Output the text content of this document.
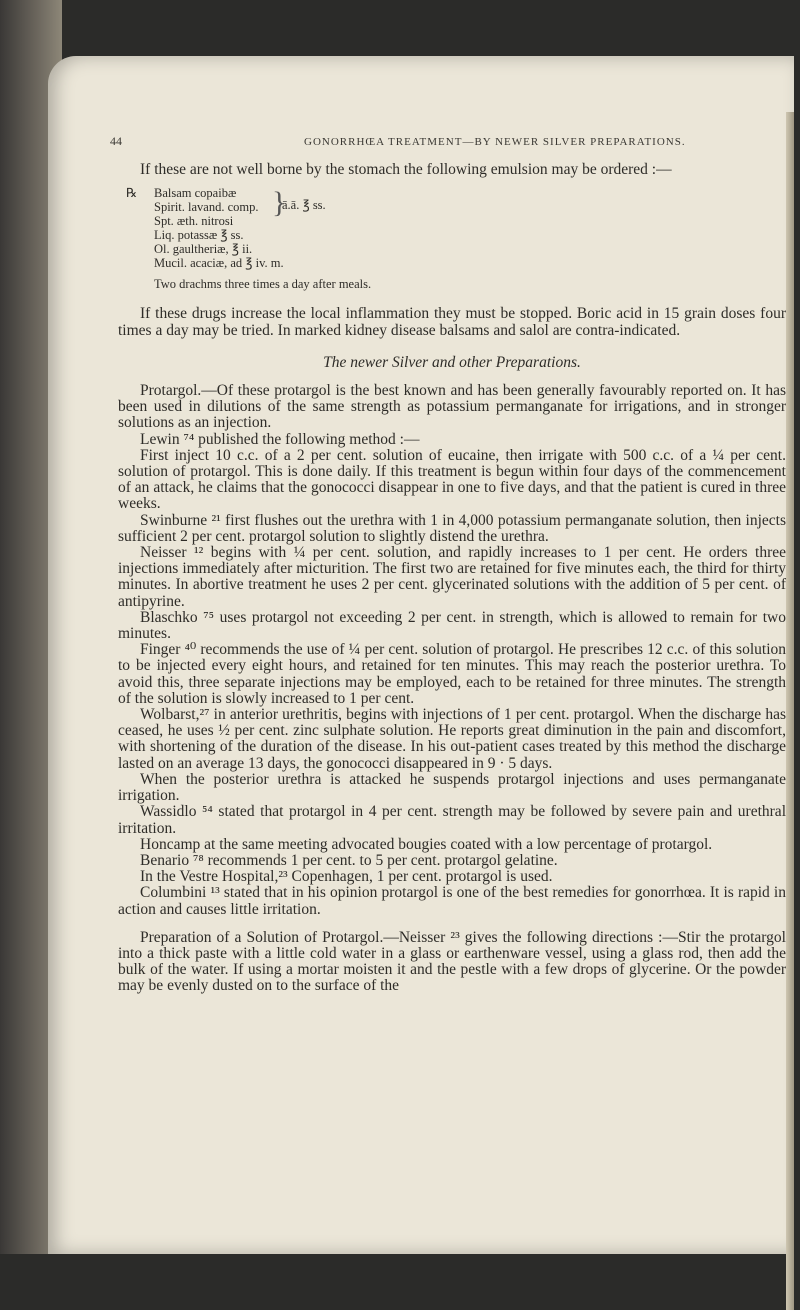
44	GONORRHŒA TREATMENT—BY NEWER SILVER PREPARATIONS.

If these are not well borne by the stomach the following emulsion may be ordered :—

℞ Balsam copaibæ
Spirit. lavand. comp.
Spt. æth. nitrosi
Liq. potassæ ℥ ss.
Ol. gaultheriæ, ℥ ii.
Mucil. acaciæ, ad ℥ iv. m.
}
ā.ā. ℥ ss.
Two drachms three times a day after meals.

If these drugs increase the local inflammation they must be stopped. Boric acid in 15 grain doses four times a day may be tried. In marked kidney disease balsams and salol are contra-indicated.

The newer Silver and other Preparations.

Protargol.—Of these protargol is the best known and has been generally favourably reported on. It has been used in dilutions of the same strength as potassium permanganate for irrigations, and in stronger solutions as an injection.

Lewin ⁷⁴ published the following method :—

First inject 10 c.c. of a 2 per cent. solution of eucaine, then irrigate with 500 c.c. of a ¼ per cent. solution of protargol. This is done daily. If this treatment is begun within four days of the commencement of an attack, he claims that the gonococci disappear in one to five days, and that the patient is cured in three weeks.

Swinburne ²¹ first flushes out the urethra with 1 in 4,000 potassium permanganate solution, then injects sufficient 2 per cent. protargol solution to slightly distend the urethra.

Neisser ¹² begins with ¼ per cent. solution, and rapidly increases to 1 per cent. He orders three injections immediately after micturition. The first two are retained for five minutes each, the third for thirty minutes. In abortive treatment he uses 2 per cent. glycerinated solutions with the addition of 5 per cent. of antipyrine.

Blaschko ⁷⁵ uses protargol not exceeding 2 per cent. in strength, which is allowed to remain for two minutes.

Finger ⁴⁰ recommends the use of ¼ per cent. solution of protargol. He prescribes 12 c.c. of this solution to be injected every eight hours, and retained for ten minutes. This may reach the posterior urethra. To avoid this, three separate injections may be employed, each to be retained for three minutes. The strength of the solution is slowly increased to 1 per cent.

Wolbarst,²⁷ in anterior urethritis, begins with injections of 1 per cent. protargol. When the discharge has ceased, he uses ½ per cent. zinc sulphate solution. He reports great diminution in the pain and discomfort, with shortening of the duration of the disease. In his out-patient cases treated by this method the discharge lasted on an average 13 days, the gonococci disappeared in 9 · 5 days.

When the posterior urethra is attacked he suspends protargol injections and uses permanganate irrigation.

Wassidlo ⁵⁴ stated that protargol in 4 per cent. strength may be followed by severe pain and urethral irritation.

Honcamp at the same meeting advocated bougies coated with a low percentage of protargol.

Benario ⁷⁸ recommends 1 per cent. to 5 per cent. protargol gelatine.

In the Vestre Hospital,²³ Copenhagen, 1 per cent. protargol is used.

Columbini ¹³ stated that in his opinion protargol is one of the best remedies for gonorrhœa. It is rapid in action and causes little irritation.

Preparation of a Solution of Protargol.—Neisser ²³ gives the following directions :—Stir the protargol into a thick paste with a little cold water in a glass or earthenware vessel, using a glass rod, then add the bulk of the water. If using a mortar moisten it and the pestle with a few drops of glycerine. Or the powder may be evenly dusted on to the surface of the
